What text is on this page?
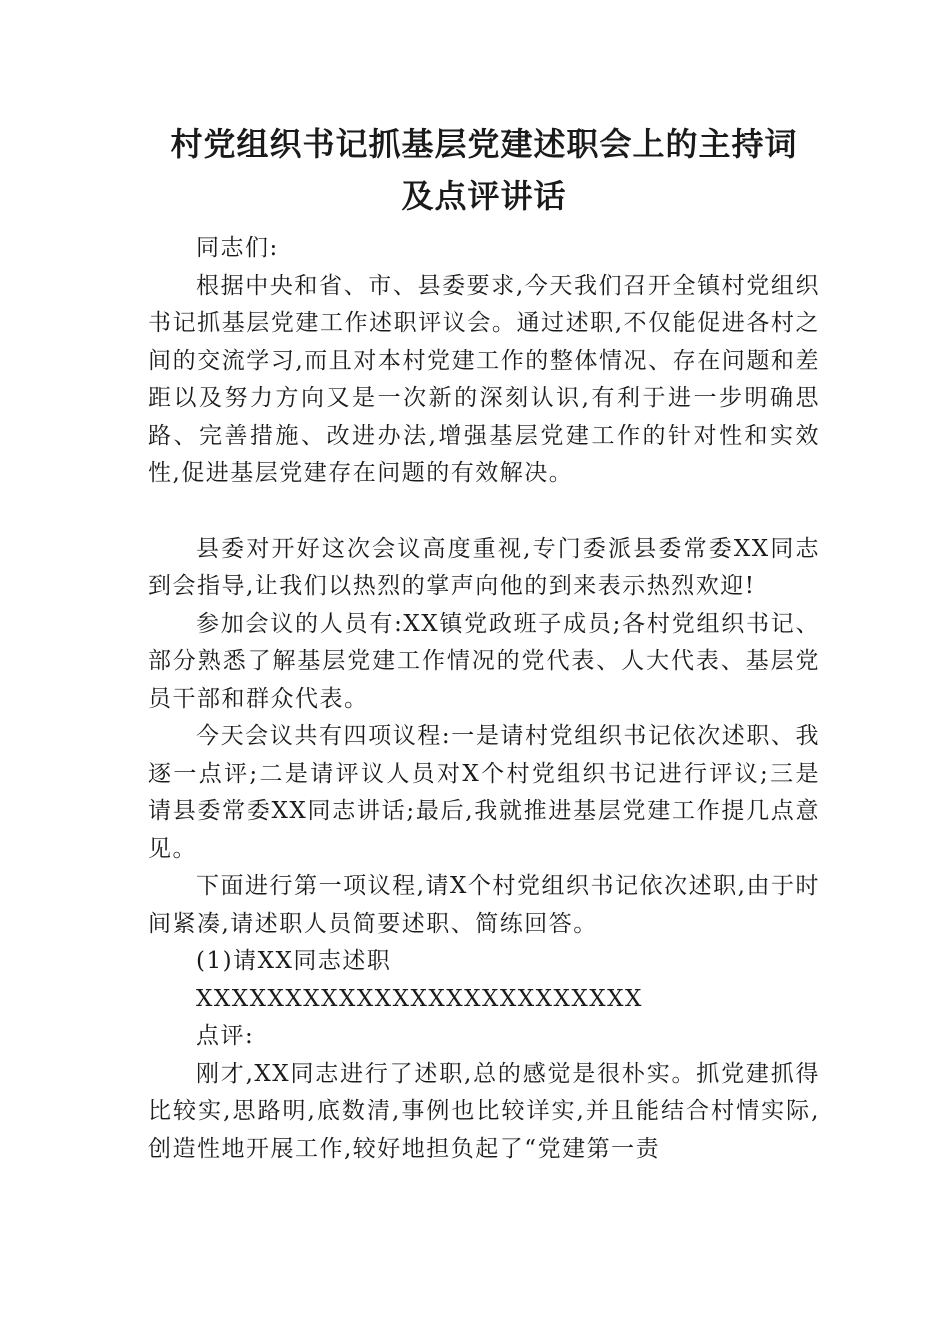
村党组织书记抓基层党建述职会上的主持词
及点评讲话

同志们:

根据中央和省、市、县委要求,今天我们召开全镇村党组织书记抓基层党建工作述职评议会。通过述职,不仅能促进各村之间的交流学习,而且对本村党建工作的整体情况、存在问题和差距以及努力方向又是一次新的深刻认识,有利于进一步明确思路、完善措施、改进办法,增强基层党建工作的针对性和实效性,促进基层党建存在问题的有效解决。

县委对开好这次会议高度重视,专门委派县委常委XX同志到会指导,让我们以热烈的掌声向他的到来表示热烈欢迎!

参加会议的人员有:XX镇党政班子成员;各村党组织书记、部分熟悉了解基层党建工作情况的党代表、人大代表、基层党员干部和群众代表。

今天会议共有四项议程:一是请村党组织书记依次述职、我逐一点评;二是请评议人员对X个村党组织书记进行评议;三是请县委常委XX同志讲话;最后,我就推进基层党建工作提几点意见。

下面进行第一项议程,请X个村党组织书记依次述职,由于时间紧凑,请述职人员简要述职、简练回答。

(1)请XX同志述职

XXXXXXXXXXXXXXXXXXXXXXXXX

点评:

刚才,XX同志进行了述职,总的感觉是很朴实。抓党建抓得比较实,思路明,底数清,事例也比较详实,并且能结合村情实际,创造性地开展工作,较好地担负起了“党建第一责
